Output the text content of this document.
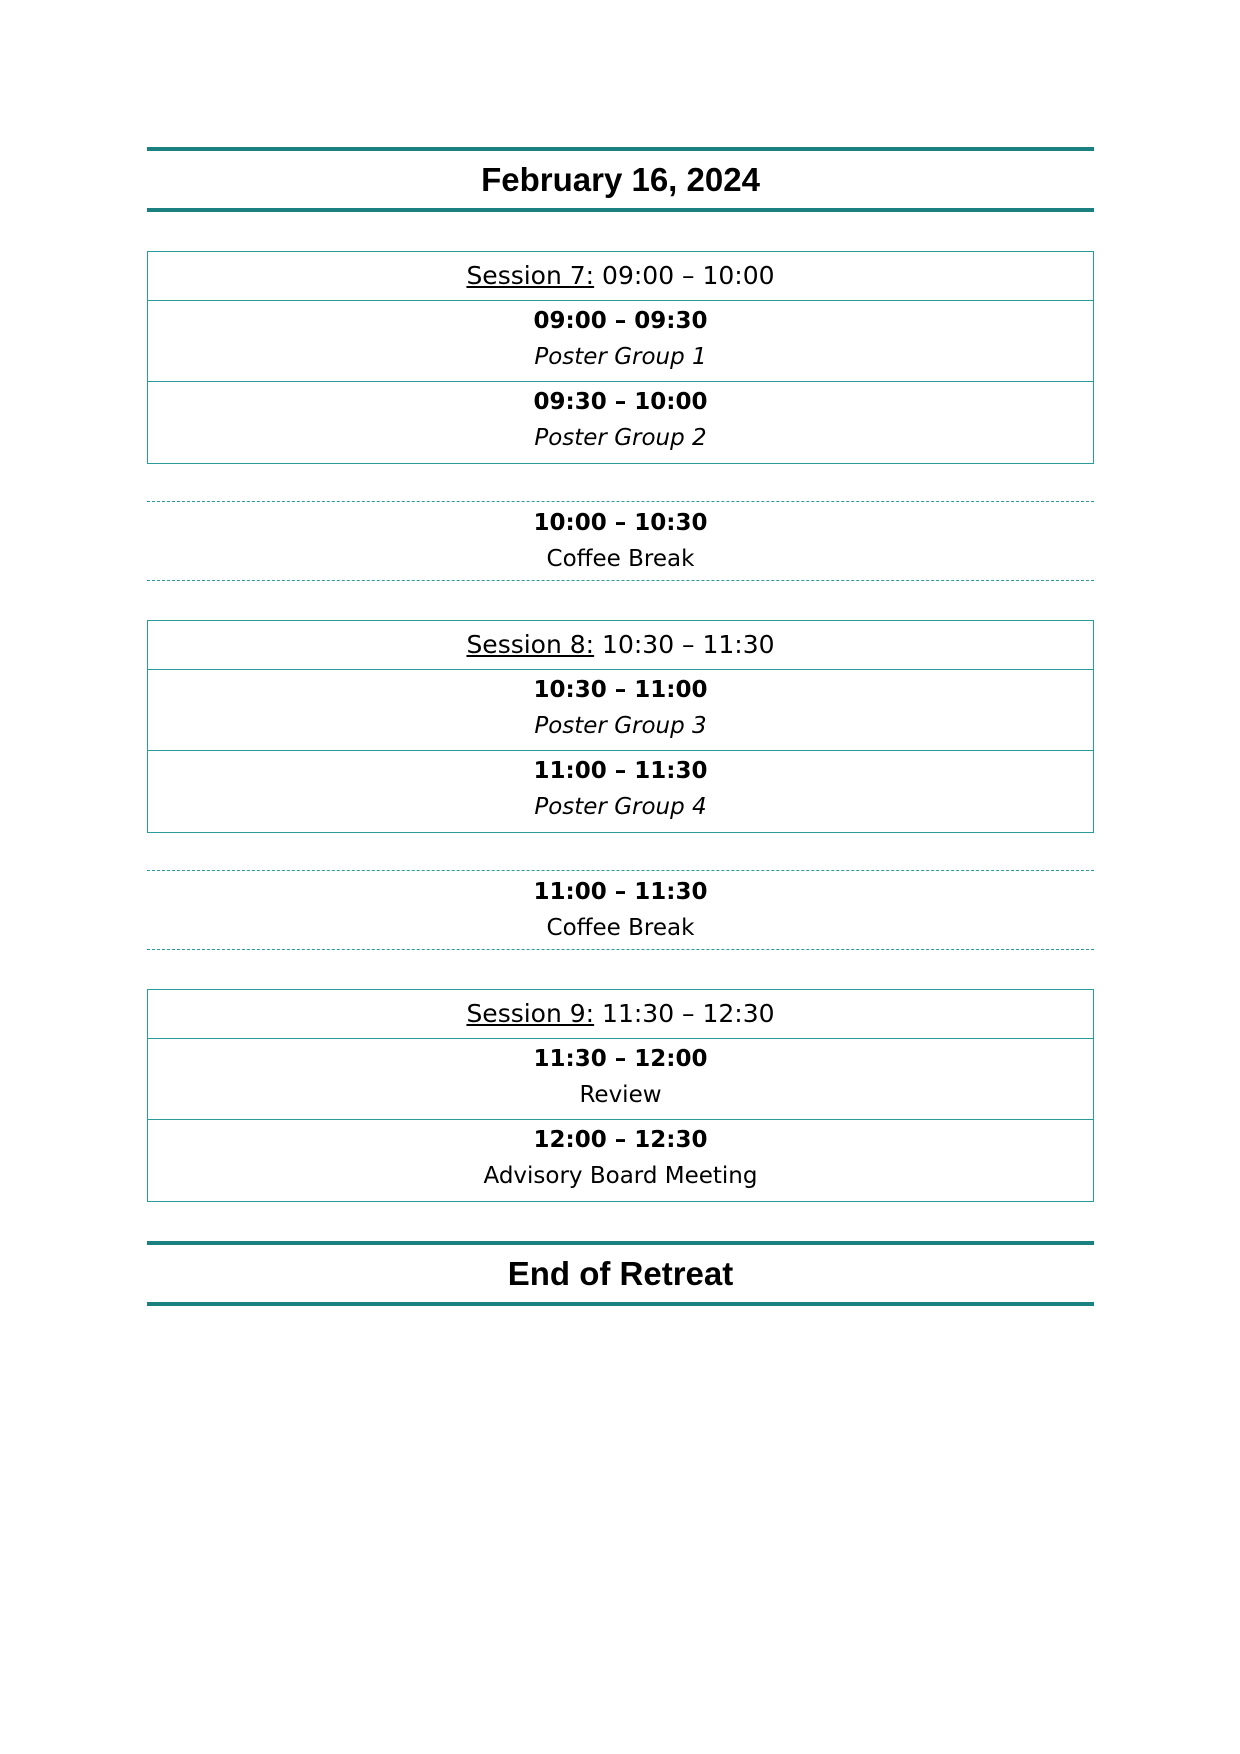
February 16, 2024
Session 7: 09:00 – 10:00
09:00 – 09:30
Poster Group 1
09:30 – 10:00
Poster Group 2
10:00 – 10:30
Coffee Break
Session 8: 10:30 – 11:30
10:30 – 11:00
Poster Group 3
11:00 – 11:30
Poster Group 4
11:00 – 11:30
Coffee Break
Session 9: 11:30 – 12:30
11:30 – 12:00
Review
12:00 – 12:30
Advisory Board Meeting
End of Retreat
